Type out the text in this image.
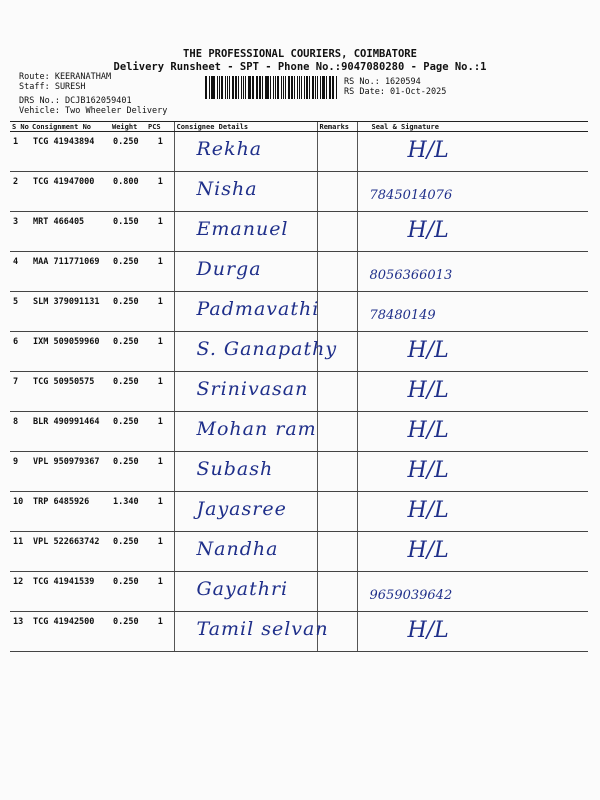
THE PROFESSIONAL COURIERS, COIMBATORE
Delivery Runsheet - SPT - Phone No.:9047080280 - Page No.:1
Route: KEERANATHAM
Staff: SURESH
DRS No.: DCJB162059401
Vehicle: Two Wheeler Delivery
RS No.: 1620594
RS Date: 01-Oct-2025
S No	Consignment No	Weight	PCS	Consignee Details	Remarks	Seal & Signature
1	TCG 41943894	0.250	1	Rekha		H/L

2	TCG 41947000	0.800	1	Nisha		7845014076

3	MRT 466405	0.150	1	Emanuel		H/L

4	MAA 711771069	0.250	1	Durga		8056366013

5	SLM 379091131	0.250	1	Padmavathi		78480149

6	IXM 509059960	0.250	1	S. Ganapathy		H/L

7	TCG 50950575	0.250	1	Srinivasan		H/L

8	BLR 490991464	0.250	1	Mohan ram		H/L

9	VPL 950979367	0.250	1	Subash		H/L

10	TRP 6485926	1.340	1	Jayasree		H/L

11	VPL 522663742	0.250	1	Nandha		H/L

12	TCG 41941539	0.250	1	Gayathri		9659039642

13	TCG 41942500	0.250	1	Tamil selvan		H/L
